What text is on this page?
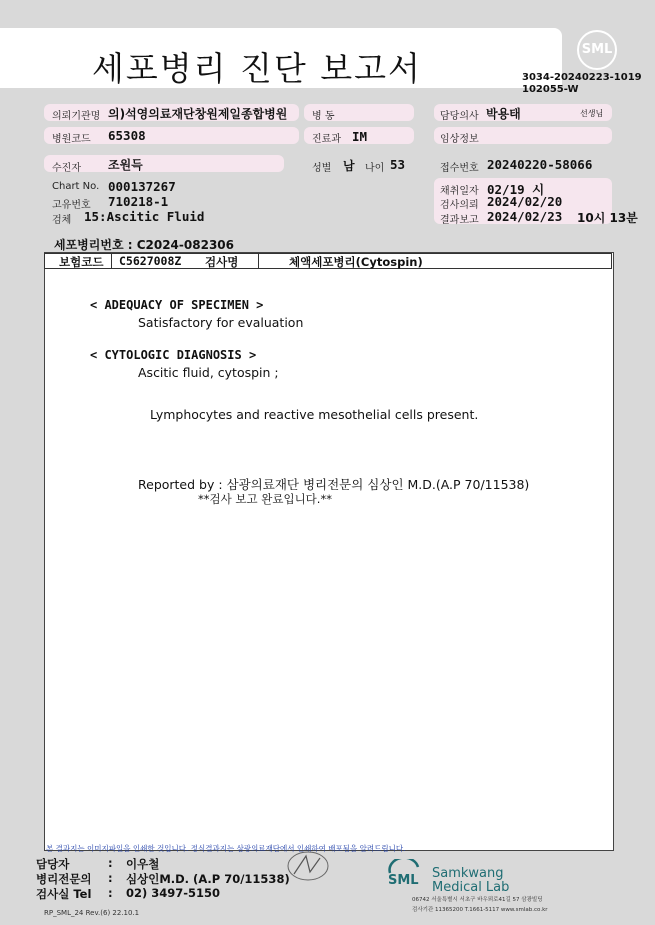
세포병리 진단 보고서	SML
3034-20240223-1019
102055-W
의뢰기관명 의)석영의료재단창원제일종합병원 병 동	담당의사 박용태	선생님
병원코드 65308	진료과 IM	임상정보
수진자 조원득	성별 남 나이 53	접수번호 20240220-58066
Chart No. 000137267
고유번호 710218-1
검체 15:Ascitic Fluid
채취일자 02/19 시
검사의뢰 2024/02/20
결과보고 2024/02/23 10시 13분
세포병리번호 : C2024-082306
보험코드 C5627008Z 검사명	체액세포병리(Cytospin)
< ADEQUACY OF SPECIMEN >
Satisfactory for evaluation
< CYTOLOGIC DIAGNOSIS >
Ascitic fluid, cytospin ;
Lymphocytes and reactive mesothelial cells present.
Reported by : 삼광의료재단 병리전문의 심상인 M.D.(A.P 70/11538)
**검사 보고 완료입니다.**
본 결과지는 이미지파일을 인쇄한 것입니다. 정식결과지는 삼광의료재단에서 인쇄하여 배포됨을 알려드립니다.
담당자	: 이우철
병리전문의 : 심상인M.D. (A.P 70/11538)
검사실 Tel : 02) 3497-5150
RP_SML_24 Rev.(6) 22.10.1
SML Samkwang
Medical Lab
06742 서울특별시 서초구 바우뫼로41길 57 삼광빌딩
검사기관 11365200 T.1661-5117 www.smlab.co.kr
